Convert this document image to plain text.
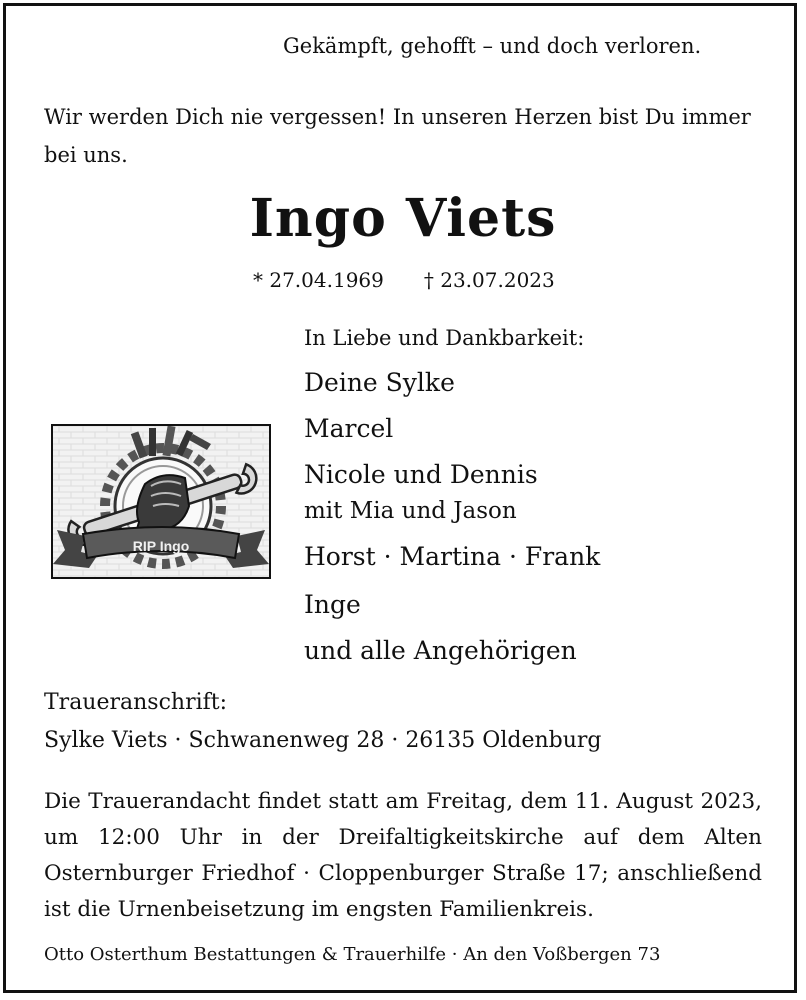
Gekämpft, gehofft – und doch verloren.
Wir werden Dich nie vergessen! In unseren Herzen bist Du immer bei uns.
Ingo Viets
* 27.04.1969 † 23.07.2023
In Liebe und Dankbarkeit:
Deine Sylke
Marcel
Nicole und Dennis
mit Mia und Jason
Horst · Martina · Frank
Inge
und alle Angehörigen
RIP Ingo
Traueranschrift:
Sylke Viets · Schwanenweg 28 · 26135 Oldenburg
Die Trauerandacht findet statt am Freitag, dem 11. August 2023, um 12:00 Uhr in der Dreifaltigkeitskirche auf dem Alten Osternburger Friedhof · Cloppenburger Straße 17; anschließend ist die Urnenbeisetzung im engsten Familienkreis.
Otto Osterthum Bestattungen & Trauerhilfe · An den Voßbergen 73
